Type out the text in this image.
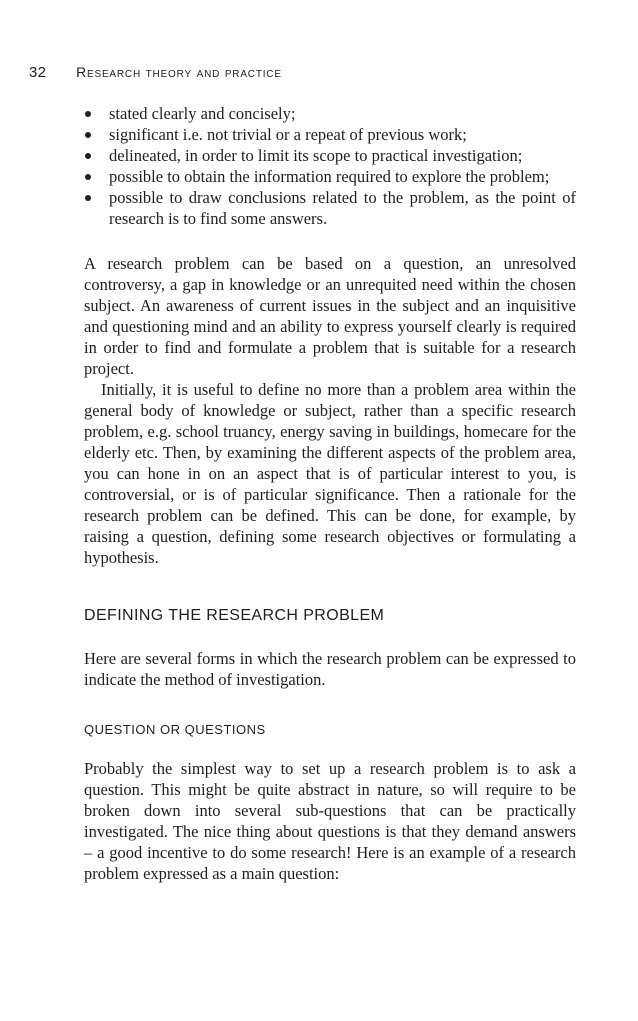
32 Research theory and practice
stated clearly and concisely;
significant i.e. not trivial or a repeat of previous work;
delineated, in order to limit its scope to practical investigation;
possible to obtain the information required to explore the problem;
possible to draw conclusions related to the problem, as the point of research is to find some answers.

A research problem can be based on a question, an unresolved controversy, a gap in knowledge or an unrequited need within the chosen subject. An awareness of current issues in the subject and an inquisitive and questioning mind and an ability to express yourself clearly is required in order to find and formulate a problem that is suitable for a research project.

Initially, it is useful to define no more than a problem area within the general body of knowledge or subject, rather than a specific research problem, e.g. school truancy, energy saving in buildings, homecare for the elderly etc. Then, by examining the different aspects of the problem area, you can hone in on an aspect that is of particular interest to you, is controversial, or is of particular significance. Then a rationale for the research problem can be defined. This can be done, for example, by raising a question, defining some research objectives or formulating a hypothesis.

DEFINING THE RESEARCH PROBLEM

Here are several forms in which the research problem can be expressed to indicate the method of investigation.

QUESTION OR QUESTIONS

Probably the simplest way to set up a research problem is to ask a question. This might be quite abstract in nature, so will require to be broken down into several sub-questions that can be practically investigated. The nice thing about questions is that they demand answers – a good incentive to do some research! Here is an example of a research problem expressed as a main question:
